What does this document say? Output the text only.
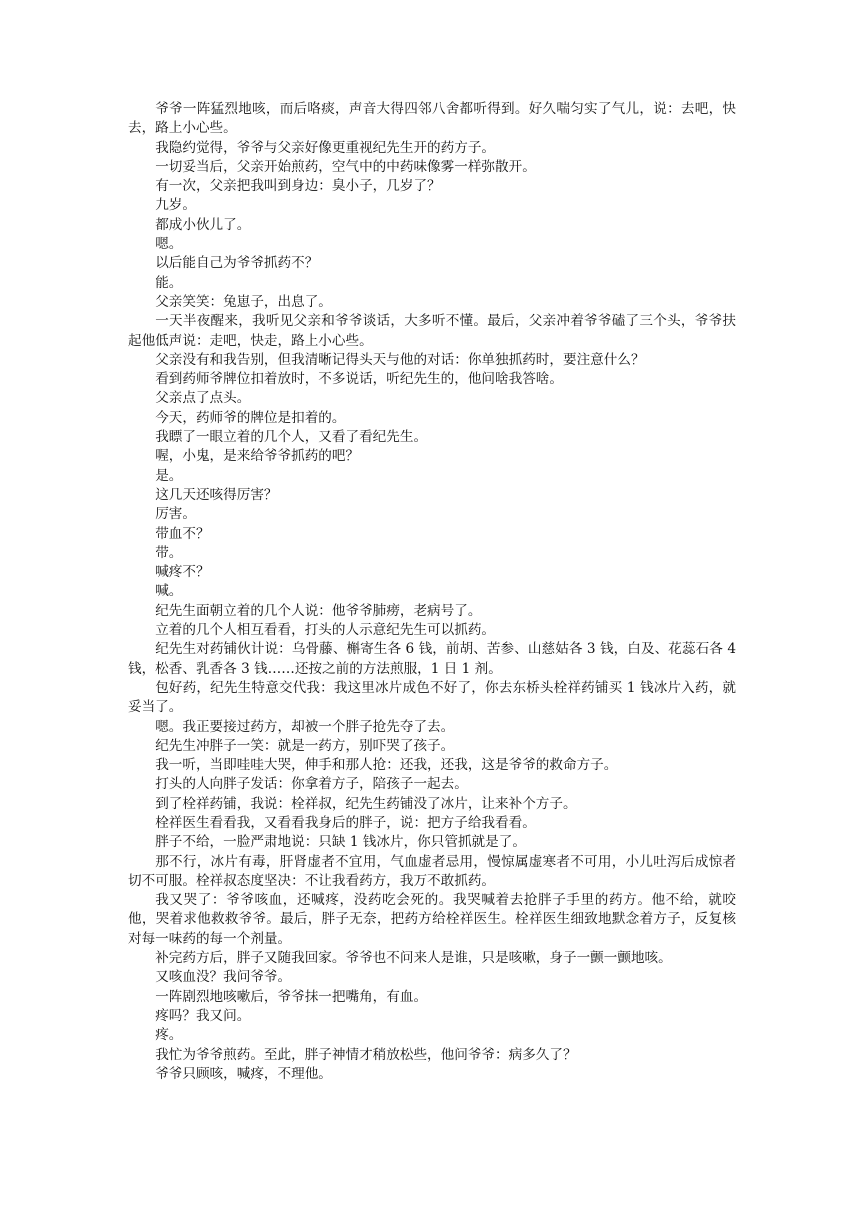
爷爷一阵猛烈地咳，而后咯痰，声音大得四邻八舍都听得到。好久喘匀实了气儿，说：去吧，快去，路上小心些。

我隐约觉得，爷爷与父亲好像更重视纪先生开的药方子。

一切妥当后，父亲开始煎药，空气中的中药味像雾一样弥散开。

有一次，父亲把我叫到身边：臭小子，几岁了？

九岁。

都成小伙儿了。

嗯。

以后能自己为爷爷抓药不？

能。

父亲笑笑：兔崽子，出息了。

一天半夜醒来，我听见父亲和爷爷谈话，大多听不懂。最后，父亲冲着爷爷磕了三个头，爷爷扶起他低声说：走吧，快走，路上小心些。

父亲没有和我告别，但我清晰记得头天与他的对话：你单独抓药时，要注意什么？

看到药师爷牌位扣着放时，不多说话，听纪先生的，他问啥我答啥。

父亲点了点头。

今天，药师爷的牌位是扣着的。

我瞟了一眼立着的几个人，又看了看纪先生。

喔，小鬼，是来给爷爷抓药的吧？

是。

这几天还咳得厉害？

厉害。

带血不？

带。

喊疼不？

喊。

纪先生面朝立着的几个人说：他爷爷肺痨，老病号了。

立着的几个人相互看看，打头的人示意纪先生可以抓药。

纪先生对药铺伙计说：乌骨藤、槲寄生各 6 钱，前胡、苦参、山慈姑各 3 钱，白及、花蕊石各 4 钱，松香、乳香各 3 钱……还按之前的方法煎服，1 日 1 剂。

包好药，纪先生特意交代我：我这里冰片成色不好了，你去东桥头栓祥药铺买 1 钱冰片入药，就妥当了。

嗯。我正要接过药方，却被一个胖子抢先夺了去。

纪先生冲胖子一笑：就是一药方，别吓哭了孩子。

我一听，当即哇哇大哭，伸手和那人抢：还我，还我，这是爷爷的救命方子。

打头的人向胖子发话：你拿着方子，陪孩子一起去。

到了栓祥药铺，我说：栓祥叔，纪先生药铺没了冰片，让来补个方子。

栓祥医生看看我，又看看我身后的胖子，说：把方子给我看看。

胖子不给，一脸严肃地说：只缺 1 钱冰片，你只管抓就是了。

那不行，冰片有毒，肝肾虚者不宜用，气血虚者忌用，慢惊属虚寒者不可用，小儿吐泻后成惊者切不可服。栓祥叔态度坚决：不让我看药方，我万不敢抓药。

我又哭了：爷爷咳血，还喊疼，没药吃会死的。我哭喊着去抢胖子手里的药方。他不给，就咬他，哭着求他救救爷爷。最后，胖子无奈，把药方给栓祥医生。栓祥医生细致地默念着方子，反复核对每一味药的每一个剂量。

补完药方后，胖子又随我回家。爷爷也不问来人是谁，只是咳嗽，身子一颤一颤地咳。

又咳血没？我问爷爷。

一阵剧烈地咳嗽后，爷爷抹一把嘴角，有血。

疼吗？我又问。

疼。

我忙为爷爷煎药。至此，胖子神情才稍放松些，他问爷爷：病多久了？

爷爷只顾咳，喊疼，不理他。
